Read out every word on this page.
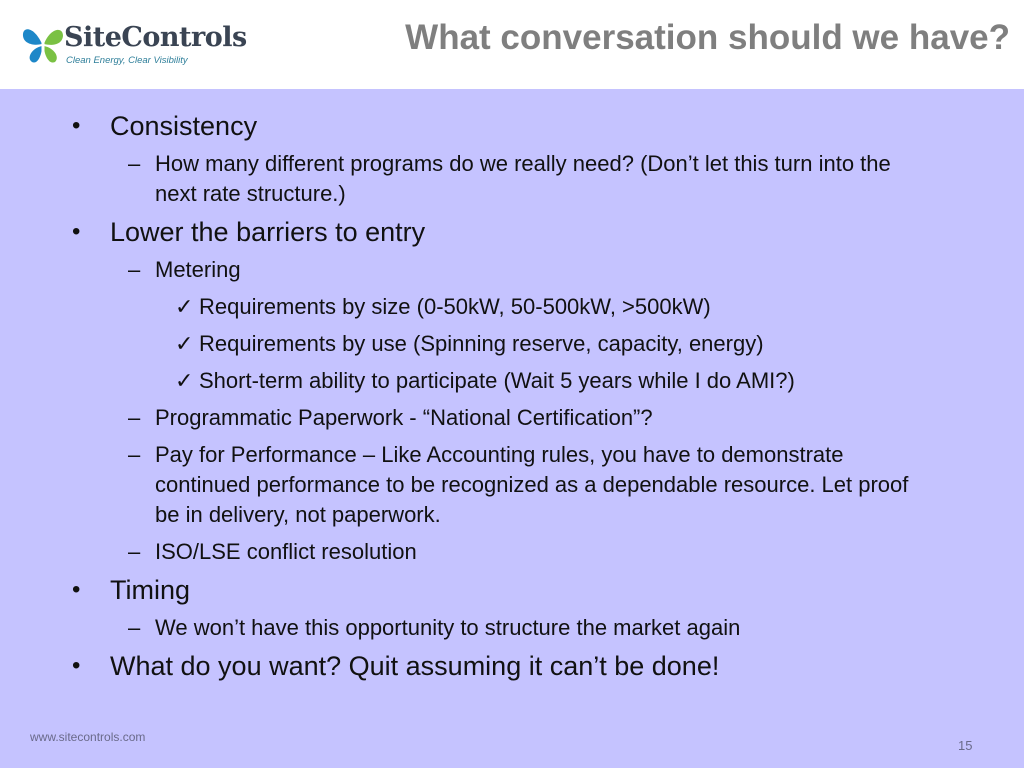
SiteControls
Clean Energy, Clear Visibility
What conversation should we have?
• Consistency
– How many different programs do we really need? (Don’t let this turn into the next rate structure.)
• Lower the barriers to entry
– Metering
✓ Requirements by size (0-50kW, 50-500kW, >500kW)
✓ Requirements by use (Spinning reserve, capacity, energy)
✓ Short-term ability to participate (Wait 5 years while I do AMI?)
– Programmatic Paperwork - “National Certification”?
– Pay for Performance – Like Accounting rules, you have to demonstrate continued performance to be recognized as a dependable resource. Let proof be in delivery, not paperwork.
– ISO/LSE conflict resolution
• Timing
– We won’t have this opportunity to structure the market again
• What do you want? Quit assuming it can’t be done!
www.sitecontrols.com
15
